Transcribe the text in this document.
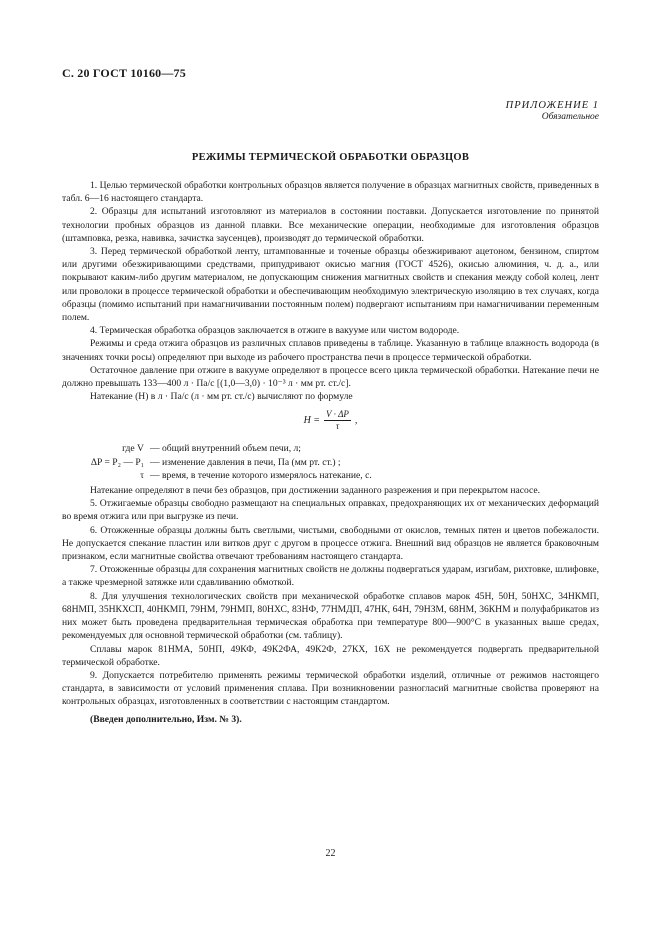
С. 20 ГОСТ 10160—75
ПРИЛОЖЕНИЕ 1
Обязательное
РЕЖИМЫ ТЕРМИЧЕСКОЙ ОБРАБОТКИ ОБРАЗЦОВ

1. Целью термической обработки контрольных образцов является получение в образцах магнитных свойств, приведенных в табл. 6—16 настоящего стандарта.

2. Образцы для испытаний изготовляют из материалов в состоянии поставки. Допускается изготовление по принятой технологии пробных образцов из данной плавки. Все механические операции, необходимые для изготовления образцов (штамповка, резка, навивка, зачистка заусенцев), производят до термической обработки.

3. Перед термической обработкой ленту, штампованные и точеные образцы обезжиривают ацетоном, бензином, спиртом или другими обезжиривающими средствами, припудривают окисью магния (ГОСТ 4526), окисью алюминия, ч. д. а., или покрывают каким-либо другим материалом, не допускающим снижения магнитных свойств и спекания между собой колец, лент или проволоки в процессе термической обработки и обеспечивающим необходимую электрическую изоляцию в тех случаях, когда образцы (помимо испытаний при намагничивании постоянным полем) подвергают испытаниям при намагничивании переменным полем.

4. Термическая обработка образцов заключается в отжиге в вакууме или чистом водороде.

Режимы и среда отжига образцов из различных сплавов приведены в таблице. Указанную в таблице влажность водорода (в значениях точки росы) определяют при выходе из рабочего пространства печи в процессе термической обработки.

Остаточное давление при отжиге в вакууме определяют в процессе всего цикла термической обработки. Натекание печи не должно превышать 133—400 л · Па/с [(1,0—3,0) · 10⁻³ л · мм рт. ст./с].

Натекание (Н) в л · Па/с (л · мм рт. ст./с) вычисляют по формуле

$H = \frac{V \cdot \Delta P}{\tau}$ ,
где V — общий внутренний объем печи, л;
ΔP = P₂ — P₁ — изменение давления в печи, Па (мм рт. ст.) ;
τ — время, в течение которого измерялось натекание, с.

Натекание определяют в печи без образцов, при достижении заданного разрежения и при перекрытом насосе.

5. Отжигаемые образцы свободно размещают на специальных оправках, предохраняющих их от механических деформаций во время отжига или при выгрузке из печи.

6. Отожженные образцы должны быть светлыми, чистыми, свободными от окислов, темных пятен и цветов побежалости. Не допускается спекание пластин или витков друг с другом в процессе отжига. Внешний вид образцов не является браковочным признаком, если магнитные свойства отвечают требованиям настоящего стандарта.

7. Отожженные образцы для сохранения магнитных свойств не должны подвергаться ударам, изгибам, рихтовке, шлифовке, а также чрезмерной затяжке или сдавливанию обмоткой.

8. Для улучшения технологических свойств при механической обработке сплавов марок 45Н, 50Н, 50НХС, 34НКМП, 68НМП, 35НКХСП, 40НКМП, 79НМ, 79НМП, 80НХС, 83НФ, 77НМДП, 47НК, 64Н, 79НЗМ, 68НМ, 36КНМ и полуфабрикатов из них может быть проведена предварительная термическая обработка при температуре 800—900°С в указанных выше средах, рекомендуемых для основной термической обработки (см. таблицу).

Сплавы марок 81НМА, 50НП, 49КФ, 49К2ФА, 49К2Ф, 27КХ, 16Х не рекомендуется подвергать предварительной термической обработке.

9. Допускается потребителю применять режимы термической обработки изделий, отличные от режимов настоящего стандарта, в зависимости от условий применения сплава. При возникновении разногласий магнитные свойства проверяют на контрольных образцах, изготовленных в соответствии с настоящим стандартом.

(Введен дополнительно, Изм. № 3).

22
